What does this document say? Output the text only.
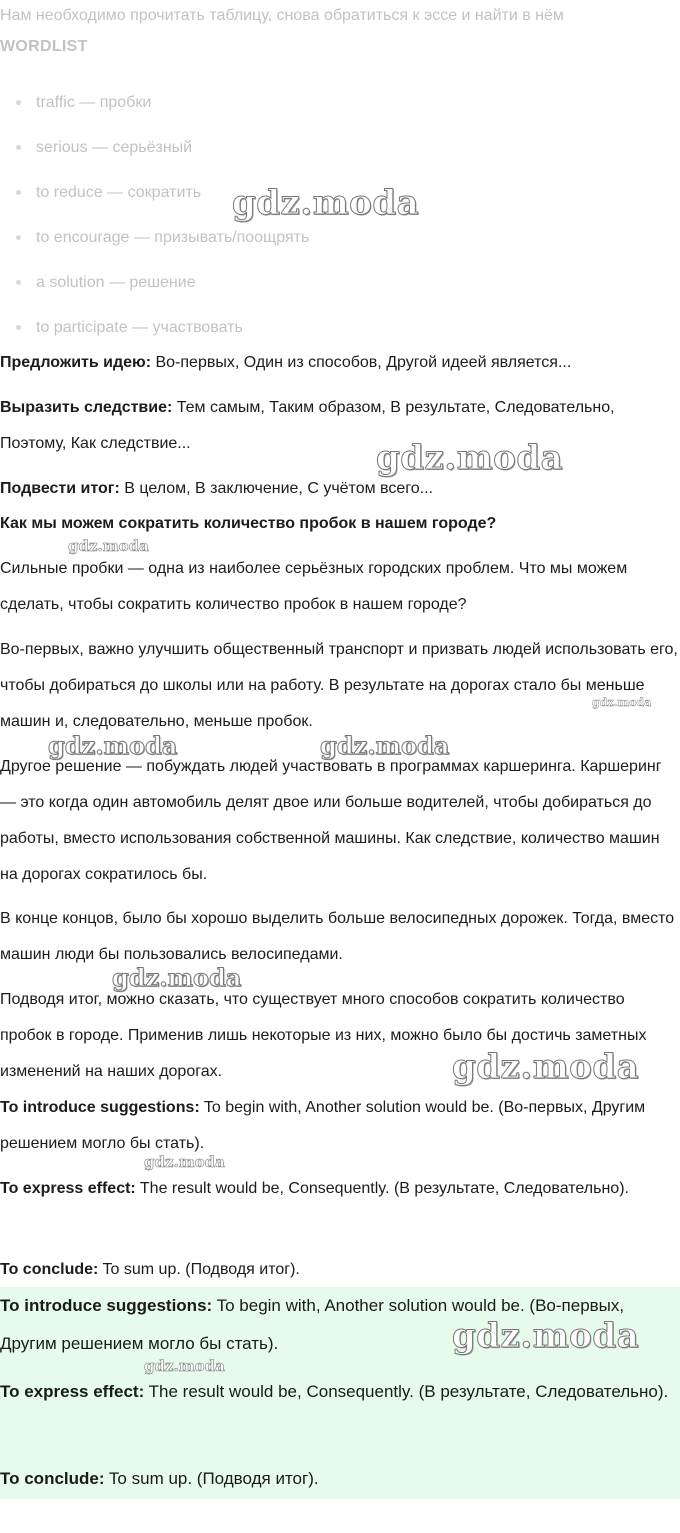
Нам необходимо прочитать таблицу, снова обратиться к эссе и найти в нём
WORDLIST
traffic — пробки
serious — серьёзный
to reduce — сократить
to encourage — призывать/поощрять
a solution — решение
to participate — участвовать

Предложить идею: Во-первых, Один из способов, Другой идеей является...

Выразить следствие: Тем самым, Таким образом, В результате, Следовательно, Поэтому, Как следствие...

Подвести итог: В целом, В заключение, С учётом всего...

Как мы можем сократить количество пробок в нашем городе?

Сильные пробки — одна из наиболее серьёзных городских проблем. Что мы можем сделать, чтобы сократить количество пробок в нашем городе?

Во-первых, важно улучшить общественный транспорт и призвать людей использовать его, чтобы добираться до школы или на работу. В результате на дорогах стало бы меньше машин и, следовательно, меньше пробок.

Другое решение — побуждать людей участвовать в программах каршеринга. Каршеринг — это когда один автомобиль делят двое или больше водителей, чтобы добираться до работы, вместо использования собственной машины. Как следствие, количество машин на дорогах сократилось бы.

В конце концов, было бы хорошо выделить больше велосипедных дорожек. Тогда, вместо машин люди бы пользовались велосипедами.

Подводя итог, можно сказать, что существует много способов сократить количество пробок в городе. Применив лишь некоторые из них, можно было бы достичь заметных изменений на наших дорогах.

To introduce suggestions: To begin with, Another solution would be. (Во-первых, Другим решением могло бы стать).

To express effect: The result would be, Consequently. (В результате, Следовательно).

To conclude: To sum up. (Подводя итог).

To introduce suggestions: To begin with, Another solution would be. (Во-первых, Другим решением могло бы стать).

To express effect: The result would be, Consequently. (В результате, Следовательно).

To conclude: To sum up. (Подводя итог).

gdz.moda
gdz.moda
gdz.moda
gdz.moda
gdz.moda	gdz.moda
gdz.moda
gdz.moda
gdz.moda
gdz.moda
gdz.moda
